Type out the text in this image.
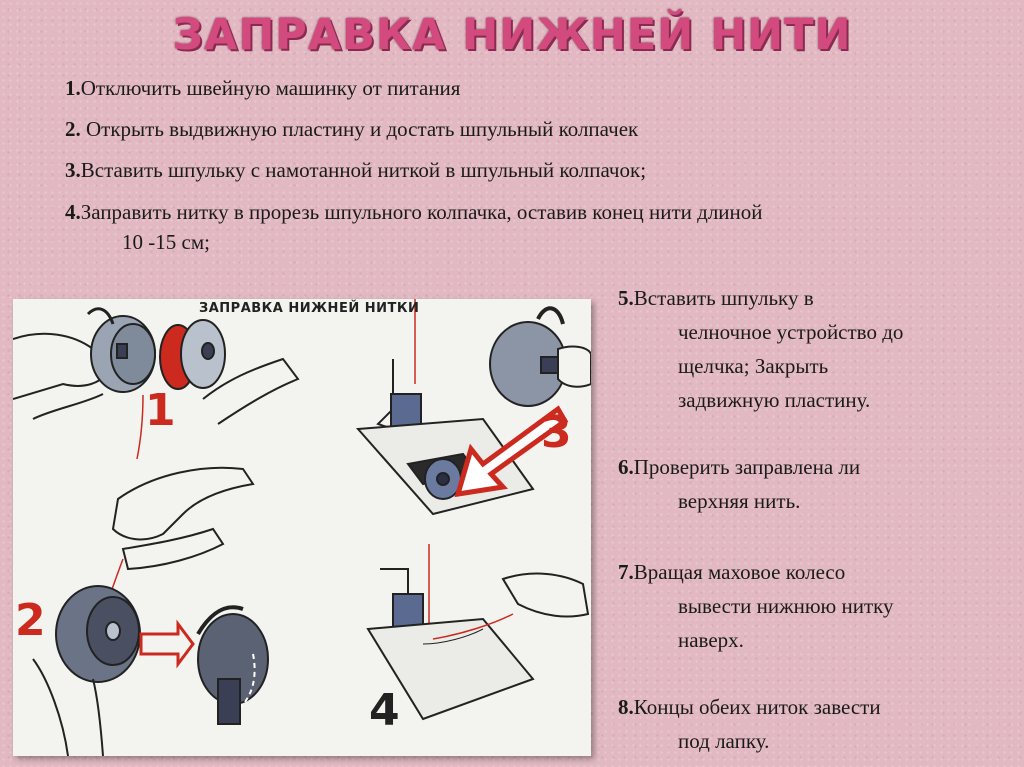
ЗАПРАВКА НИЖНЕЙ НИТИ
1.Отключить швейную машинку от питания
2. Открыть выдвижную пластину и достать шпульный колпачек
3.Вставить шпульку с намотанной ниткой в шпульный колпачок;
4.Заправить нитку в прорезь шпульного колпачка, оставив конец нити длиной
10 -15 см;
5.Вставить шпульку в
челночное устройство до
щелчка; Закрыть
задвижную пластину.
6.Проверить заправлена ли
верхняя нить.
7.Вращая маховое колесо
вывести нижнюю нитку
наверх.
8.Концы обеих ниток завести
под лапку.
ЗАПРАВКА НИЖНЕЙ НИТКИ
1
2
3
4
